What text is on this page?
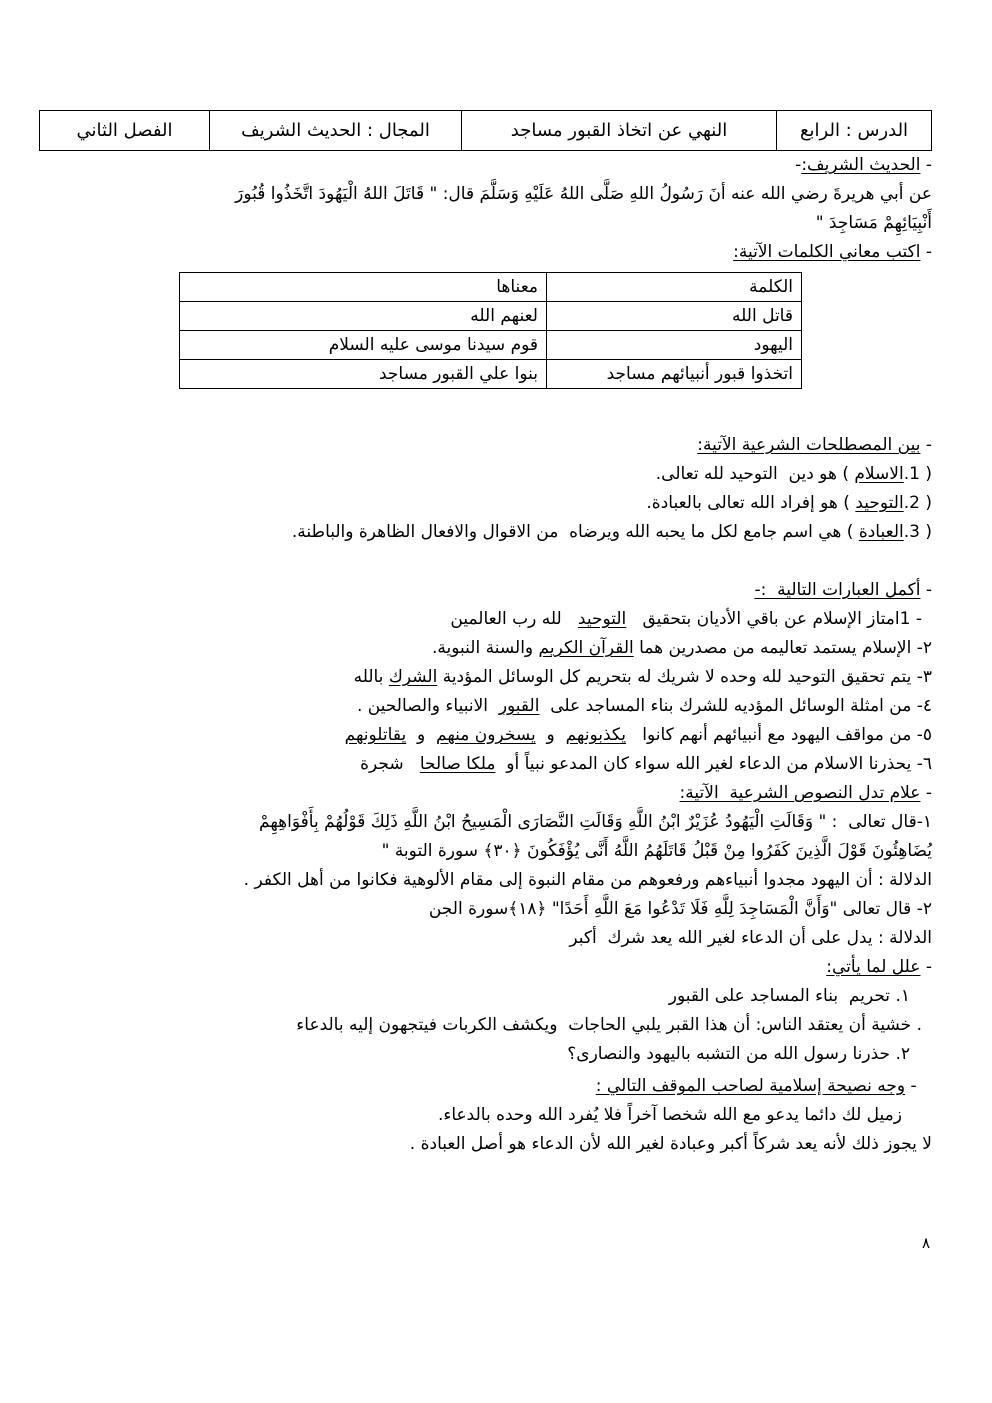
الدرس : الرابع	النهي عن اتخاذ القبور مساجد	المجال : الحديث الشريف	الفصل الثاني
- الحديث الشريف:-
عن أبي هريرةَ رضي الله عنه أنَ رَسُولُ اللهِ صَلَّى اللهُ عَلَيْهِ وَسَلَّمَ قال: " قَاتَلَ اللهُ الْيَهُودَ اتَّخَذُوا قُبُورَ
أَنْبِيَائِهِمْ مَسَاجِدَ "
- اكتب معاني الكلمات الآتية:
الكلمة	معناها
قاتل الله	لعنهم الله
اليهود	قوم سيدنا موسى عليه السلام
اتخذوا قبور أنبيائهم مساجد	بنوا علي القبور مساجد
- بين المصطلحات الشرعية الآتية:
( 1.الاسلام ) هو دين  التوحيد لله تعالى.
( 2.التوحيد ) هو إفراد الله تعالى بالعبادة.
( 3.العبادة ) هي اسم جامع لكل ما يحبه الله ويرضاه  من الاقوال والافعال الظاهرة والباطنة.
- أكمل العبارات التالية  :-
- 1امتاز الإسلام عن باقي الأديان بتحقيق   التوحيد   لله رب العالمين
٢- الإسلام يستمد تعاليمه من مصدرين هما القرآن الكريم والسنة النبوية.
٣- يتم تحقيق التوحيد لله وحده لا شريك له بتحريم كل الوسائل المؤدية الشرك بالله
٤- من امثلة الوسائل المؤديه للشرك بناء المساجد على  القبور  الانبياء والصالحين .
٥- من مواقف اليهود مع أنبيائهم أنهم كانوا   يكذبونهم  و  يسخرون منهم  و  يقاتلونهم
٦- يحذرنا الاسلام من الدعاء لغير الله سواء كان المدعو نبياً أو  ملكا صالحا   شجرة
- علام تدل النصوص الشرعية  الآتية:
١-قال تعالى  : " وَقَالَتِ الْيَهُودُ عُزَيْرٌ ابْنُ اللَّهِ وَقَالَتِ النَّصَارَى الْمَسِيحُ ابْنُ اللَّهِ ذَلِكَ قَوْلُهُمْ بِأَفْوَاهِهِمْ
يُضَاهِئُونَ قَوْلَ الَّذِينَ كَفَرُوا مِنْ قَبْلُ قَاتَلَهُمُ اللَّهُ أَنَّى يُؤْفَكُونَ ﴿٣٠﴾ سورة التوبة "
الدلالة : أن اليهود مجدوا أنبياءهم ورفعوهم من مقام النبوة إلى مقام الألوهية فكانوا من أهل الكفر .
٢- قال تعالى "وَأَنَّ الْمَسَاجِدَ لِلَّهِ فَلَا تَدْعُوا مَعَ اللَّهِ أَحَدًا" ﴿١٨﴾سورة الجن
الدلالة : يدل على أن الدعاء لغير الله يعد شرك  أكبر
- علل لما يأتي:
١. تحريم  بناء المساجد على القبور
. خشية أن يعتقد الناس: أن هذا القبر يلبي الحاجات  ويكشف الكربات فيتجهون إليه بالدعاء
٢. حذرنا رسول الله من التشبه باليهود والنصارى؟
- وجه نصيحة إسلامية لصاحب الموقف التالي :
زميل لك دائما يدعو مع الله شخصا آخراً فلا يُفرد الله وحده بالدعاء.
لا يجوز ذلك لأنه يعد شركاً أكبر وعبادة لغير الله لأن الدعاء هو أصل العبادة .
٨
